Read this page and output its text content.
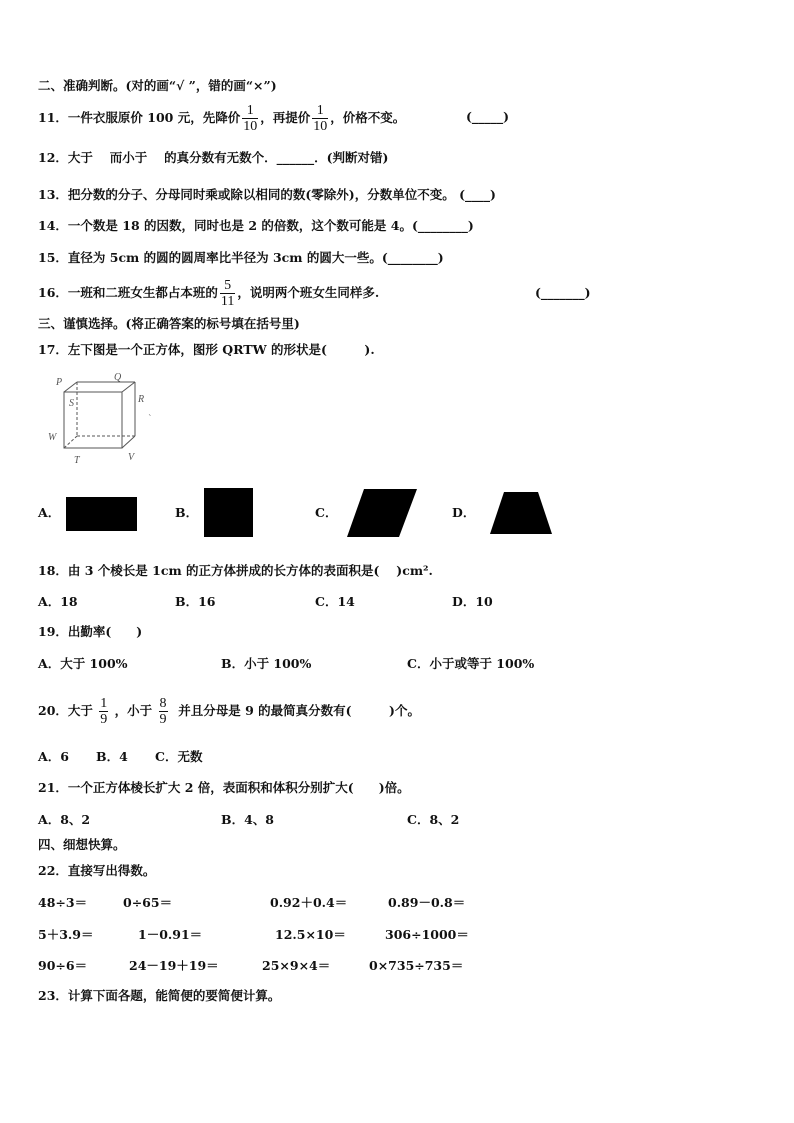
二、准确判断。(对的画“√ ”，错的画“×”)
11．一件衣服原价 100 元，先降价 $\frac{1}{10}$ ，再提价 $\frac{1}{10}$ ，价格不变。	(_____)
12．大于　 而小于　 的真分数有无数个．______．(判断对错)
13．把分数的分子、分母同时乘或除以相同的数(零除外)，分数单位不变。 (____)
14．一个数是 18 的因数，同时也是 2 的倍数，这个数可能是 4。(________)
15．直径为 5cm 的圆的圆周率比半径为 3cm 的圆大一些。(________)
16．一班和二班女生都占本班的 $\frac{5}{11}$ ，说明两个班女生同样多.	(_______)
三、谨慎选择。(将正确答案的标号填在括号里)
17．左下图是一个正方体，图形 QRTW 的形状是(　　　).
P	Q
S	R
W
T	V
`
A．	B．	C．	D．
18．由 3 个棱长是 1cm 的正方体拼成的长方体的表面积是(　 )cm².
A．18	B．16	C．14	D．10
19．出勤率(　　)
A．大于 100%	B．小于 100%	C．小于或等于 100%
20．大于 $\frac{1}{9}$ ，小于 $\frac{8}{9}$ 并且分母是 9 的最简真分数有(　　　)个。
A．6 B．4 C．无数
21．一个正方体棱长扩大 2 倍，表面积和体积分别扩大(　　)倍。
A．8、2	B．4、8	C．8、2
四、细想快算。
22．直接写出得数。
48÷3＝	0÷65＝	0.92＋0.4＝	0.89－0.8＝
5＋3.9＝	1－0.91＝	12.5×10＝	306÷1000＝
90÷6＝	24－19＋19＝	25×9×4＝	0×735÷735＝
23．计算下面各题，能简便的要简便计算。
